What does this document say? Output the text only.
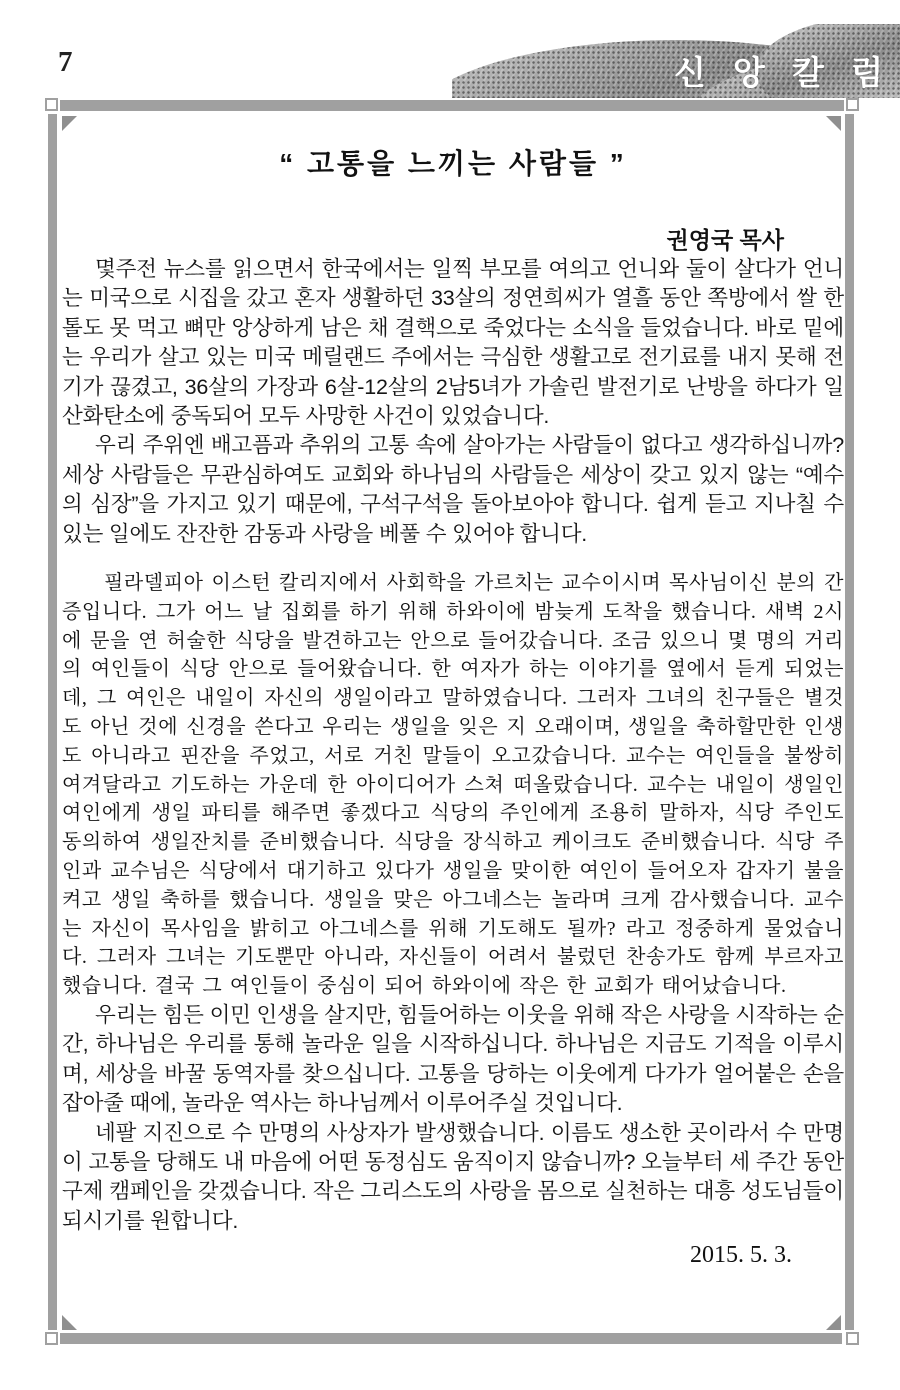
7	신 앙 칼 럼
“ 고통을 느끼는 사람들 ”
권영국 목사

몇주전 뉴스를 읽으면서 한국에서는 일찍 부모를 여의고 언니와 둘이 살다가 언니는 미국으로 시집을 갔고 혼자 생활하던 33살의 정연희씨가 열흘 동안 쪽방에서 쌀 한 톨도 못 먹고 뼈만 앙상하게 남은 채 결핵으로 죽었다는 소식을 들었습니다. 바로 밑에는 우리가 살고 있는 미국 메릴랜드 주에서는 극심한 생활고로 전기료를 내지 못해 전기가 끊겼고, 36살의 가장과 6살-12살의 2남5녀가 가솔린 발전기로 난방을 하다가 일산화탄소에 중독되어 모두 사망한 사건이 있었습니다.

우리 주위엔 배고픔과 추위의 고통 속에 살아가는 사람들이 없다고 생각하십니까? 세상 사람들은 무관심하여도 교회와 하나님의 사람들은 세상이 갖고 있지 않는 “예수의 심장”을 가지고 있기 때문에, 구석구석을 돌아보아야 합니다. 쉽게 듣고 지나칠 수 있는 일에도 잔잔한 감동과 사랑을 베풀 수 있어야 합니다.

필라델피아 이스턴 칼리지에서 사회학을 가르치는 교수이시며 목사님이신 분의 간증입니다. 그가 어느 날 집회를 하기 위해 하와이에 밤늦게 도착을 했습니다. 새벽 2시에 문을 연 허술한 식당을 발견하고는 안으로 들어갔습니다. 조금 있으니 몇 명의 거리의 여인들이 식당 안으로 들어왔습니다. 한 여자가 하는 이야기를 옆에서 듣게 되었는데, 그 여인은 내일이 자신의 생일이라고 말하였습니다. 그러자 그녀의 친구들은 별것도 아닌 것에 신경을 쓴다고 우리는 생일을 잊은 지 오래이며, 생일을 축하할만한 인생도 아니라고 핀잔을 주었고, 서로 거친 말들이 오고갔습니다. 교수는 여인들을 불쌍히 여겨달라고 기도하는 가운데 한 아이디어가 스쳐 떠올랐습니다. 교수는 내일이 생일인 여인에게 생일 파티를 해주면 좋겠다고 식당의 주인에게 조용히 말하자, 식당 주인도 동의하여 생일잔치를 준비했습니다. 식당을 장식하고 케이크도 준비했습니다. 식당 주인과 교수님은 식당에서 대기하고 있다가 생일을 맞이한 여인이 들어오자 갑자기 불을 켜고 생일 축하를 했습니다. 생일을 맞은 아그네스는 놀라며 크게 감사했습니다. 교수는 자신이 목사임을 밝히고 아그네스를 위해 기도해도 될까? 라고 정중하게 물었습니다. 그러자 그녀는 기도뿐만 아니라, 자신들이 어려서 불렀던 찬송가도 함께 부르자고 했습니다. 결국 그 여인들이 중심이 되어 하와이에 작은 한 교회가 태어났습니다.

우리는 힘든 이민 인생을 살지만, 힘들어하는 이웃을 위해 작은 사랑을 시작하는 순간, 하나님은 우리를 통해 놀라운 일을 시작하십니다. 하나님은 지금도 기적을 이루시며, 세상을 바꿀 동역자를 찾으십니다. 고통을 당하는 이웃에게 다가가 얼어붙은 손을 잡아줄 때에, 놀라운 역사는 하나님께서 이루어주실 것입니다.

네팔 지진으로 수 만명의 사상자가 발생했습니다. 이름도 생소한 곳이라서 수 만명이 고통을 당해도 내 마음에 어떤 동정심도 움직이지 않습니까? 오늘부터 세 주간 동안 구제 캠페인을 갖겠습니다. 작은 그리스도의 사랑을 몸으로 실천하는 대흥 성도님들이 되시기를 원합니다.

2015. 5. 3.
